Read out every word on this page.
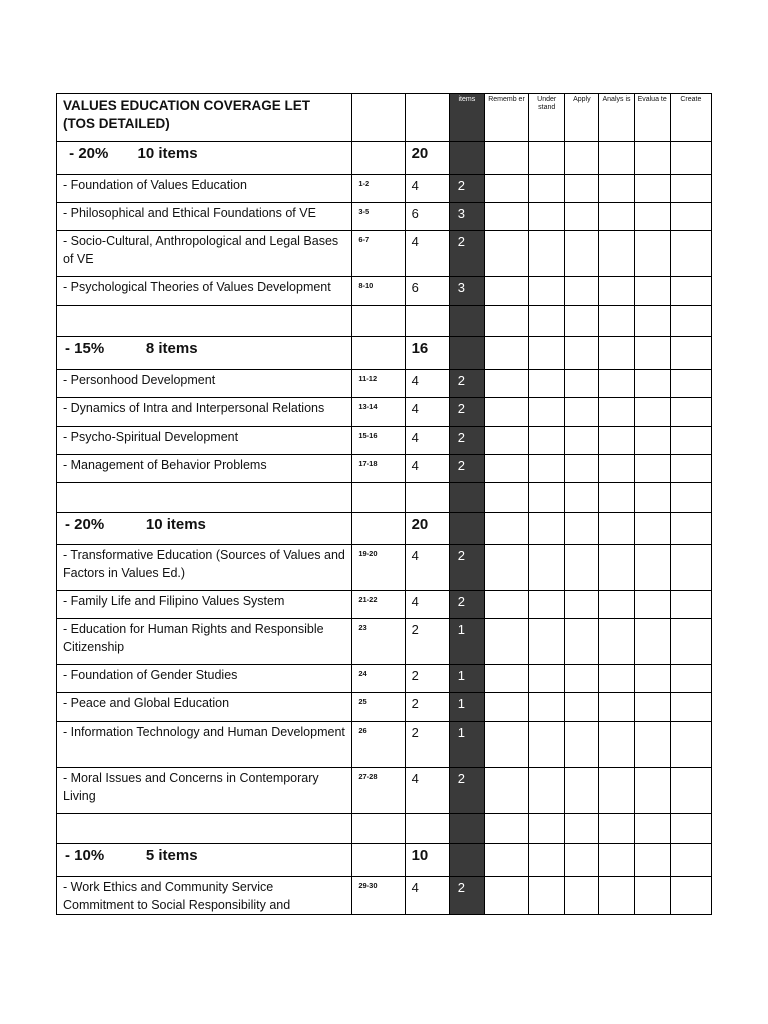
VALUES EDUCATION COVERAGE LET (TOS DETAILED)			items	Rememb er	Under stand	Apply	Analys is	Evalua te	Create
- 20%       10 items		20							
- Foundation of Values Education	1-2	4	2						
- Philosophical and Ethical Foundations of VE	3-5	6	3						
- Socio-Cultural, Anthropological and Legal Bases of VE	6-7	4	2						
- Psychological Theories of Values Development	8-10	6	3						

- 15%          8 items		16							
- Personhood Development	11-12	4	2						
- Dynamics of Intra and Interpersonal Relations	13-14	4	2						
- Psycho-Spiritual Development	15-16	4	2						
- Management of Behavior Problems	17-18	4	2						

- 20%          10 items		20							
- Transformative Education (Sources of Values and Factors in Values Ed.)	19-20	4	2						
- Family Life and Filipino Values System	21-22	4	2						
- Education for Human Rights and Responsible Citizenship	23	2	1						
- Foundation of Gender Studies	24	2	1						
- Peace and Global Education	25	2	1						
- Information Technology and Human Development	26	2	1						
- Moral Issues and Concerns in Contemporary Living	27-28	4	2						

- 10%          5 items		10							
- Work Ethics and Community Service Commitment to Social Responsibility and	29-30	4	2						
